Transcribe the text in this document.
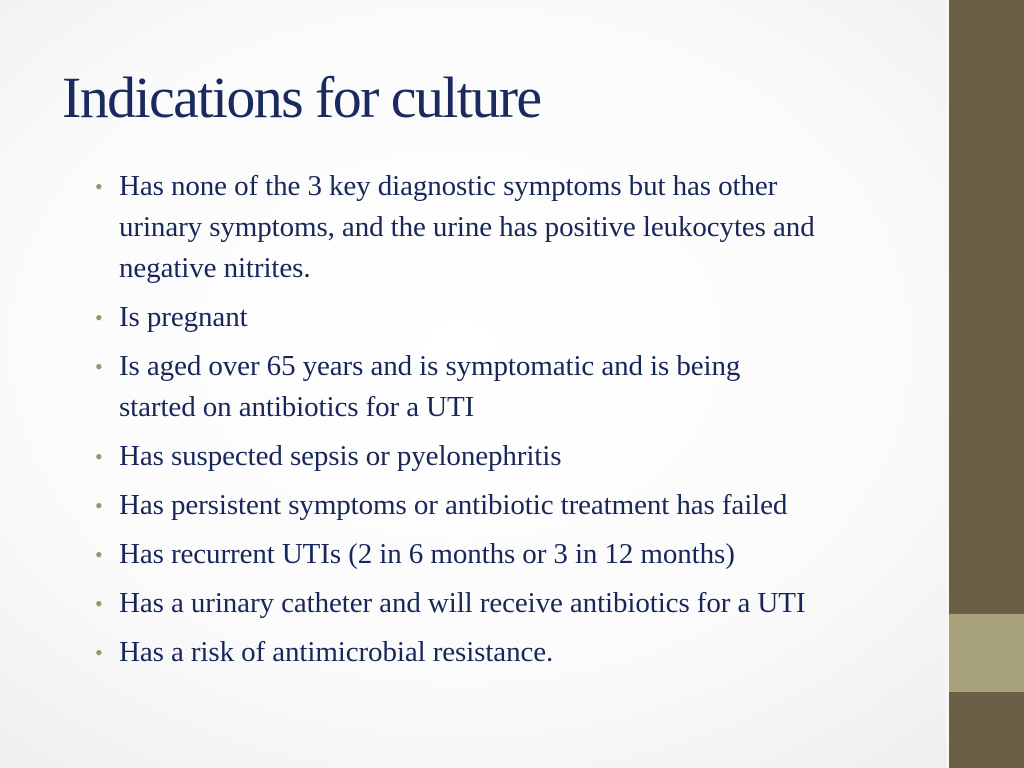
Indications for culture
• Has none of the 3 key diagnostic symptoms but has other
urinary symptoms, and the urine has positive leukocytes and
negative nitrites.
• Is pregnant
• Is aged over 65 years and is symptomatic and is being
started on antibiotics for a UTI
• Has suspected sepsis or pyelonephritis
• Has persistent symptoms or antibiotic treatment has failed
• Has recurrent UTIs (2 in 6 months or 3 in 12 months)
• Has a urinary catheter and will receive antibiotics for a UTI
• Has a risk of antimicrobial resistance.
